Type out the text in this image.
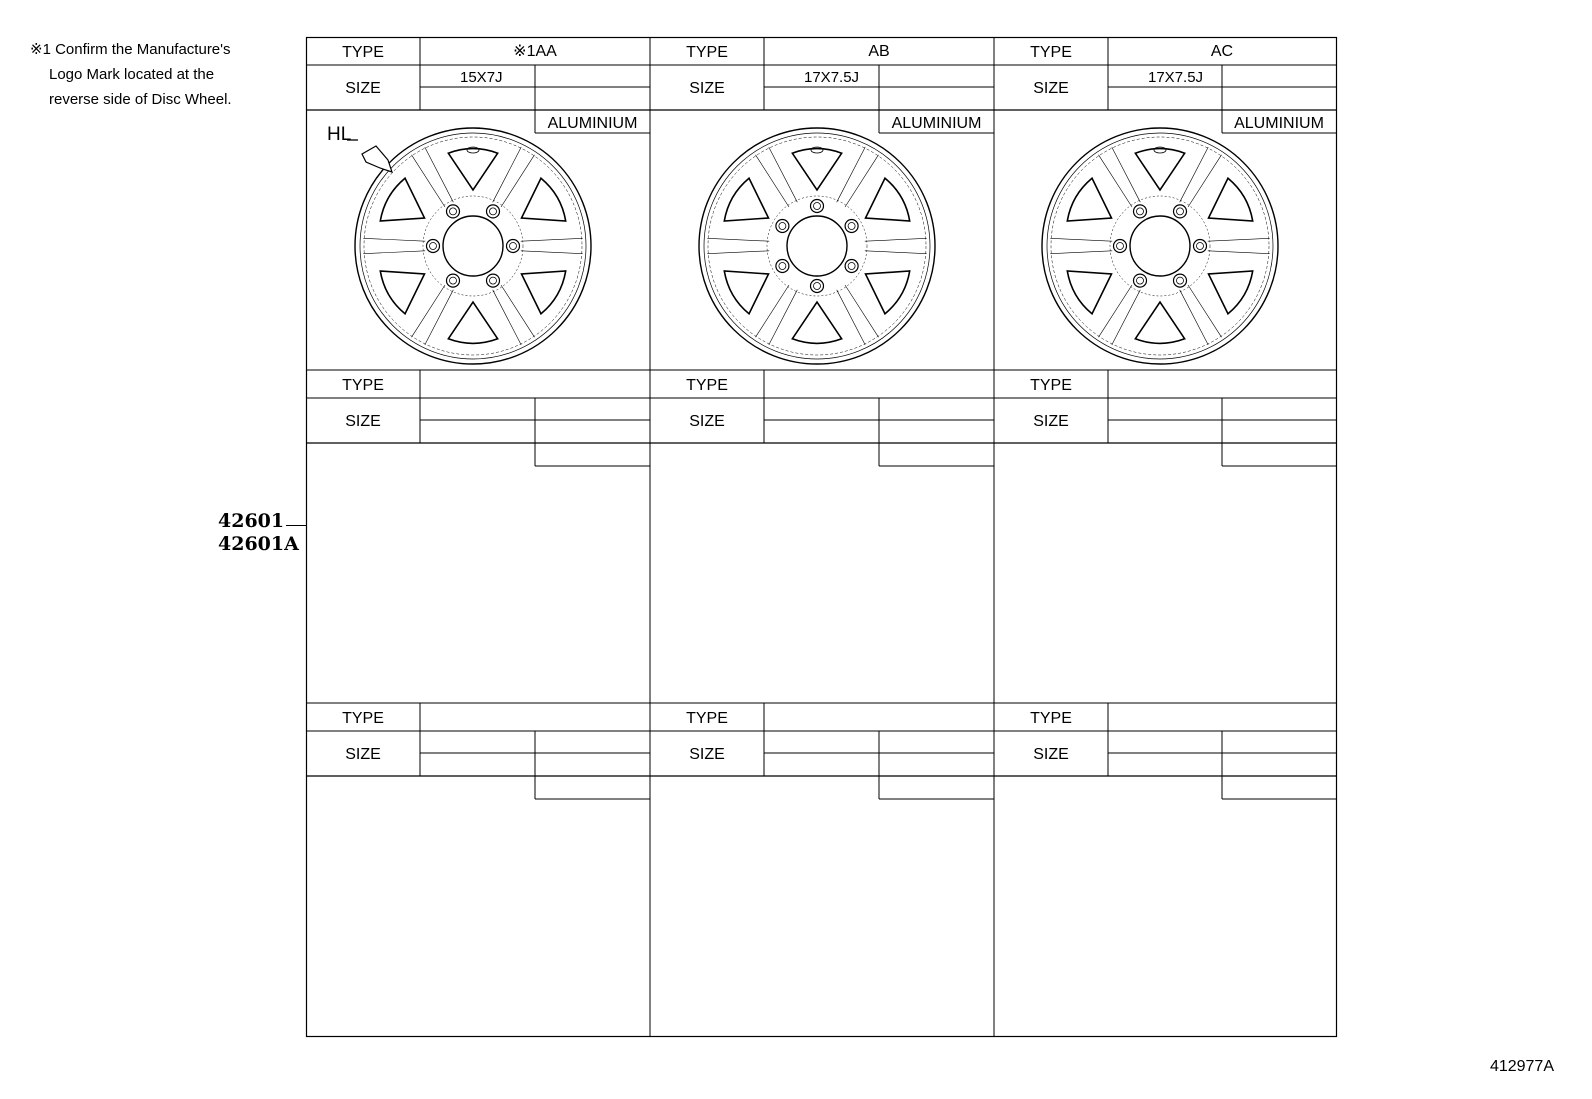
※1 Confirm the Manufacture's
Logo Mark located at the
reverse side of Disc Wheel.
42601
42601A
TYPE
SIZE
※1AA
15X7J
ALUMINIUM
TYPE
SIZE
AB
17X7.5J
ALUMINIUM
TYPE
SIZE
AC
17X7.5J
ALUMINIUM
TYPE
SIZE
TYPE
SIZE
TYPE
SIZE
TYPE
SIZE
TYPE
SIZE
TYPE
SIZE
HL
412977A
